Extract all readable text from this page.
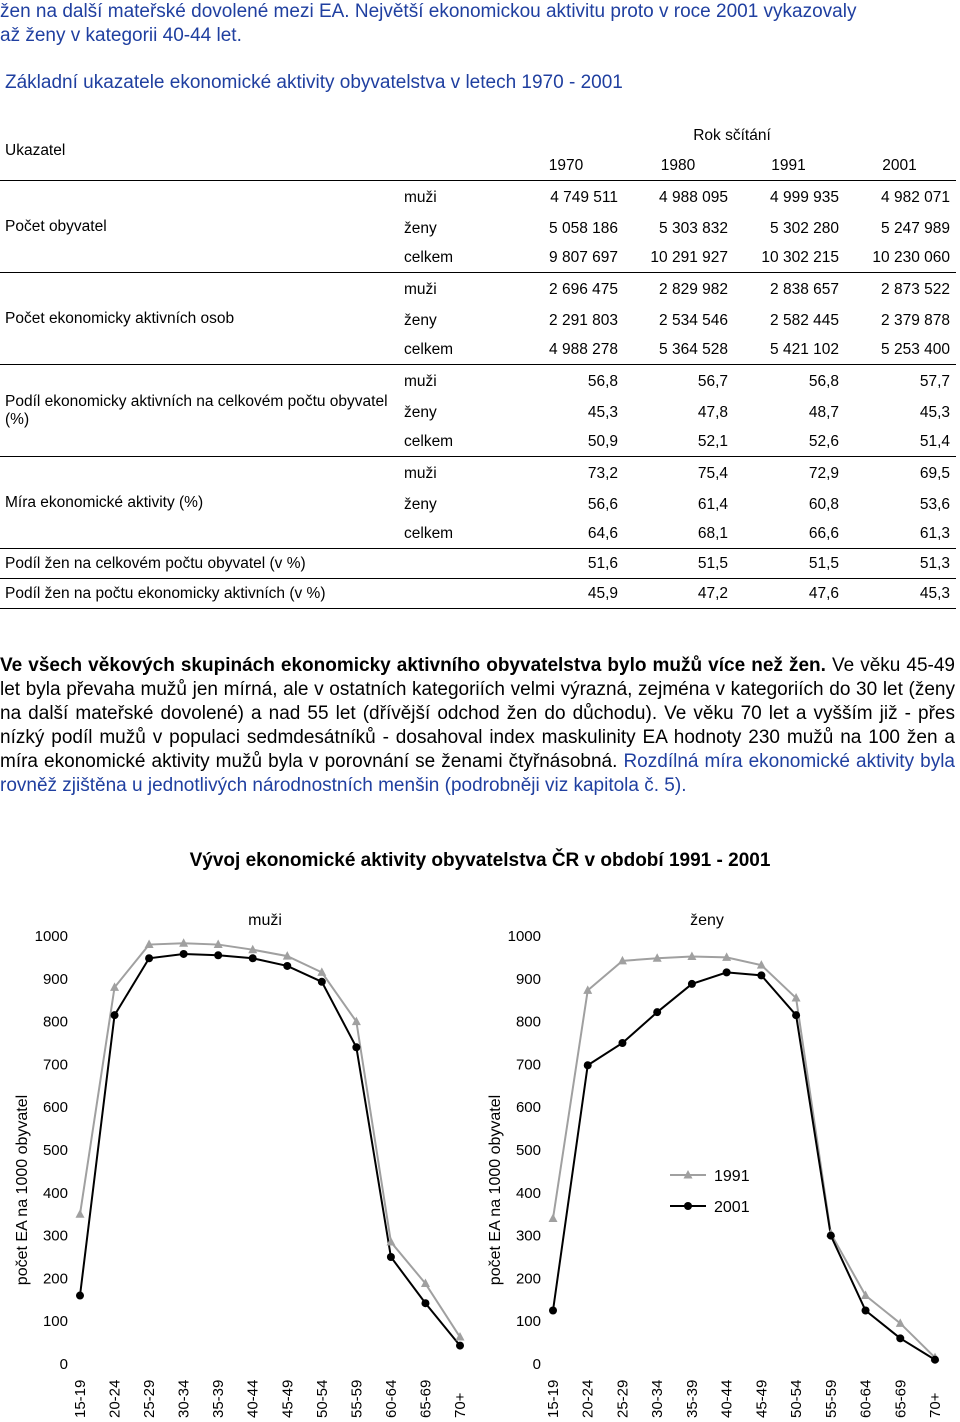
žen na další mateřské dovolené mezi EA. Největší ekonomickou aktivitu proto v roce 2001 vykazovaly

až ženy v kategorii 40-44 let.

Základní ukazatele ekonomické aktivity obyvatelstva v letech 1970 - 2001
Ukazatel		Rok sčítání			
		1970	1980	1991	2001
Počet obyvatel	muži	4 749 511	4 988 095	4 999 935	4 982 071
	ženy	5 058 186	5 303 832	5 302 280	5 247 989
	celkem	9 807 697	10 291 927	10 302 215	10 230 060
Počet ekonomicky aktivních osob	muži	2 696 475	2 829 982	2 838 657	2 873 522
	ženy	2 291 803	2 534 546	2 582 445	2 379 878
	celkem	4 988 278	5 364 528	5 421 102	5 253 400
Podíl ekonomicky aktivních na celkovém počtu obyvatel (%)	muži	56,8	56,7	56,8	57,7
	ženy	45,3	47,8	48,7	45,3
	celkem	50,9	52,1	52,6	51,4
Míra ekonomické aktivity (%)	muži	73,2	75,4	72,9	69,5
	ženy	56,6	61,4	60,8	53,6
	celkem	64,6	68,1	66,6	61,3
Podíl žen na celkovém počtu obyvatel (v %)		51,6	51,5	51,5	51,3
Podíl žen na počtu ekonomicky aktivních (v %)		45,9	47,2	47,6	45,3

Ve všech věkových skupinách ekonomicky aktivního obyvatelstva bylo mužů více než žen. Ve věku 45-49 let byla převaha mužů jen mírná, ale v ostatních kategoriích velmi výrazná, zejména v kategoriích do 30 let (ženy na další mateřské dovolené) a nad 55 let (dřívější odchod žen do důchodu). Ve věku 70 let a vyšším již - přes nízký podíl mužů v populaci sedmdesátníků - dosahoval index maskulinity EA hodnoty 230 mužů na 100 žen a míra ekonomické aktivity mužů byla v porovnání se ženami čtyřnásobná. Rozdílná míra ekonomické aktivity byla rovněž zjištěna u jednotlivých národnostních menšin (podrobněji viz kapitola č. 5).

Vývoj ekonomické aktivity obyvatelstva ČR v období 1991 - 2001
0
100
200
300
400
500
600
700
800
900
1000
muži
počet EA na 1000 obyvatel
15-19 20-24 25-29 30-34 35-39 40-44 45-49 50-54 55-59 60-64 65-69 70+
0
100
200
300
400
500
600
700
800
900
1000
ženy
počet EA na 1000 obyvatel
15-19 20-24 25-29 30-34 35-39 40-44 45-49 50-54 55-59 60-64 65-69 70+
1991
2001
